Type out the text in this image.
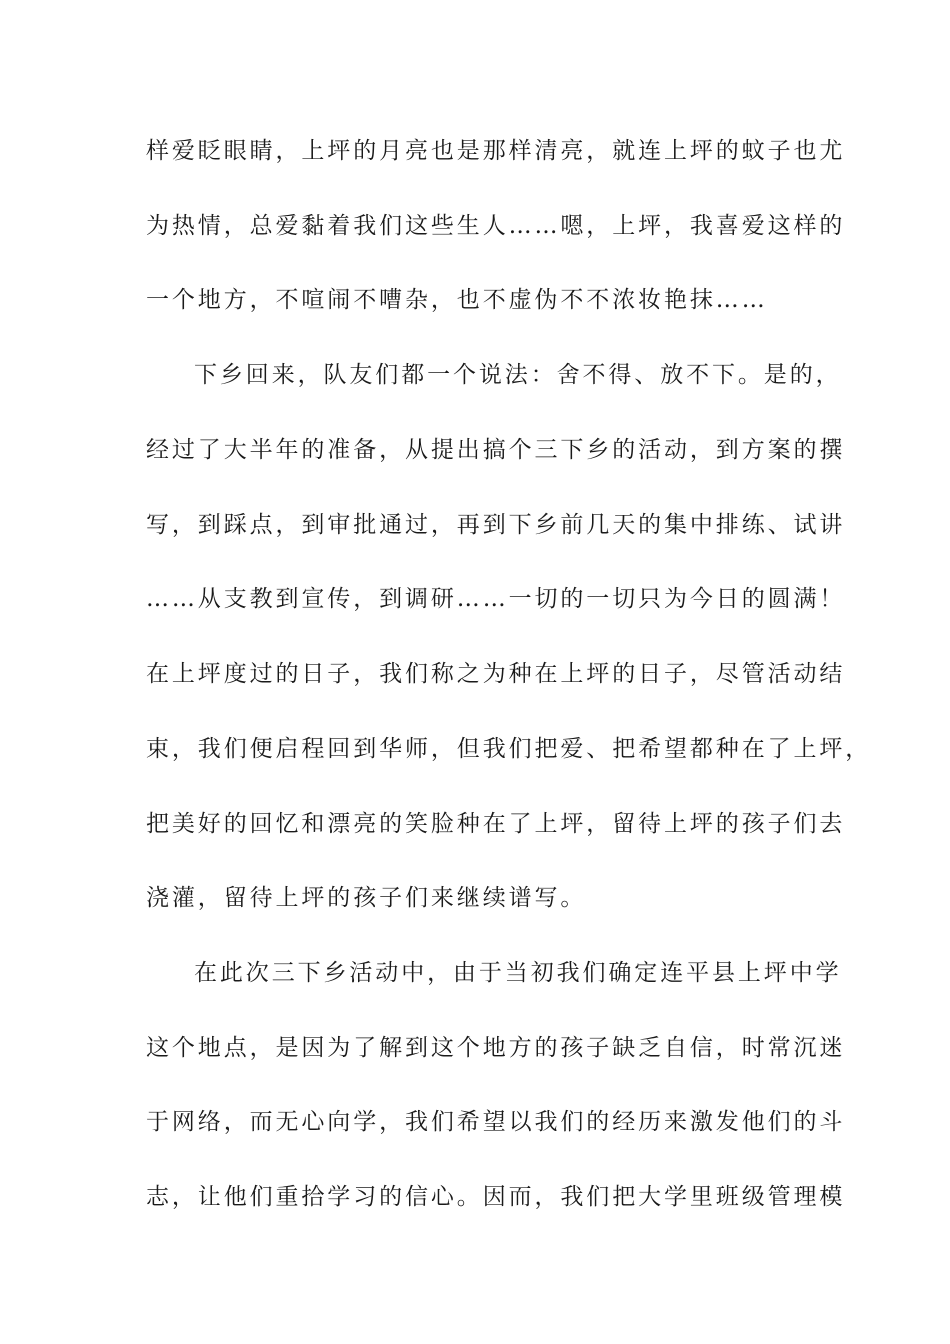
样爱眨眼睛，上坪的月亮也是那样清亮，就连上坪的蚊子也尤
为热情，总爱黏着我们这些生人……嗯，上坪，我喜爱这样的
一个地方，不喧闹不嘈杂，也不虚伪不不浓妆艳抹……
下乡回来，队友们都一个说法：舍不得、放不下。是的，
经过了大半年的准备，从提出搞个三下乡的活动，到方案的撰
写，到踩点，到审批通过，再到下乡前几天的集中排练、试讲
……从支教到宣传，到调研……一切的一切只为今日的圆满！
在上坪度过的日子，我们称之为种在上坪的日子，尽管活动结
束，我们便启程回到华师，但我们把爱、把希望都种在了上坪，
把美好的回忆和漂亮的笑脸种在了上坪，留待上坪的孩子们去
浇灌，留待上坪的孩子们来继续谱写。
在此次三下乡活动中，由于当初我们确定连平县上坪中学
这个地点，是因为了解到这个地方的孩子缺乏自信，时常沉迷
于网络，而无心向学，我们希望以我们的经历来激发他们的斗
志，让他们重拾学习的信心。因而，我们把大学里班级管理模
